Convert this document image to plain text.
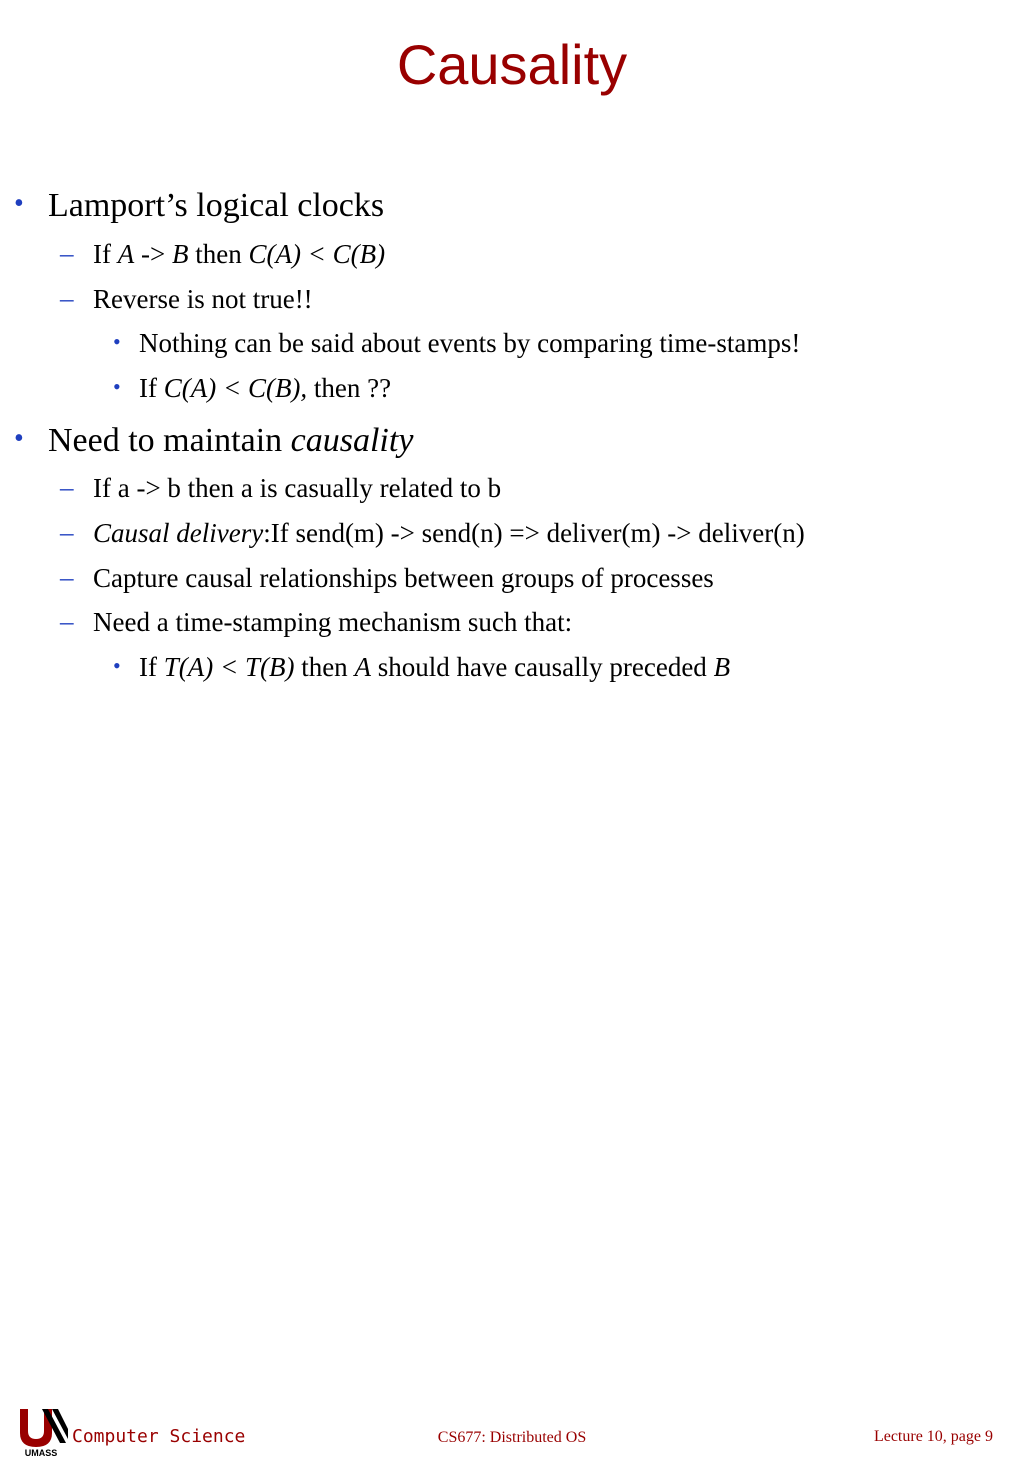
Causality
• Lamport’s logical clocks
– If A -> B then C(A) < C(B)
– Reverse is not true!!
• Nothing can be said about events by comparing time-stamps!
• If C(A) < C(B), then ??
• Need to maintain causality
– If a -> b then a is casually related to b
– Causal delivery:If send(m) -> send(n) => deliver(m) -> deliver(n)
– Capture causal relationships between groups of processes
– Need a time-stamping mechanism such that:
• If T(A) < T(B) then A should have causally preceded B
UMASS
Computer Science	CS677: Distributed OS	Lecture 10, page 9
